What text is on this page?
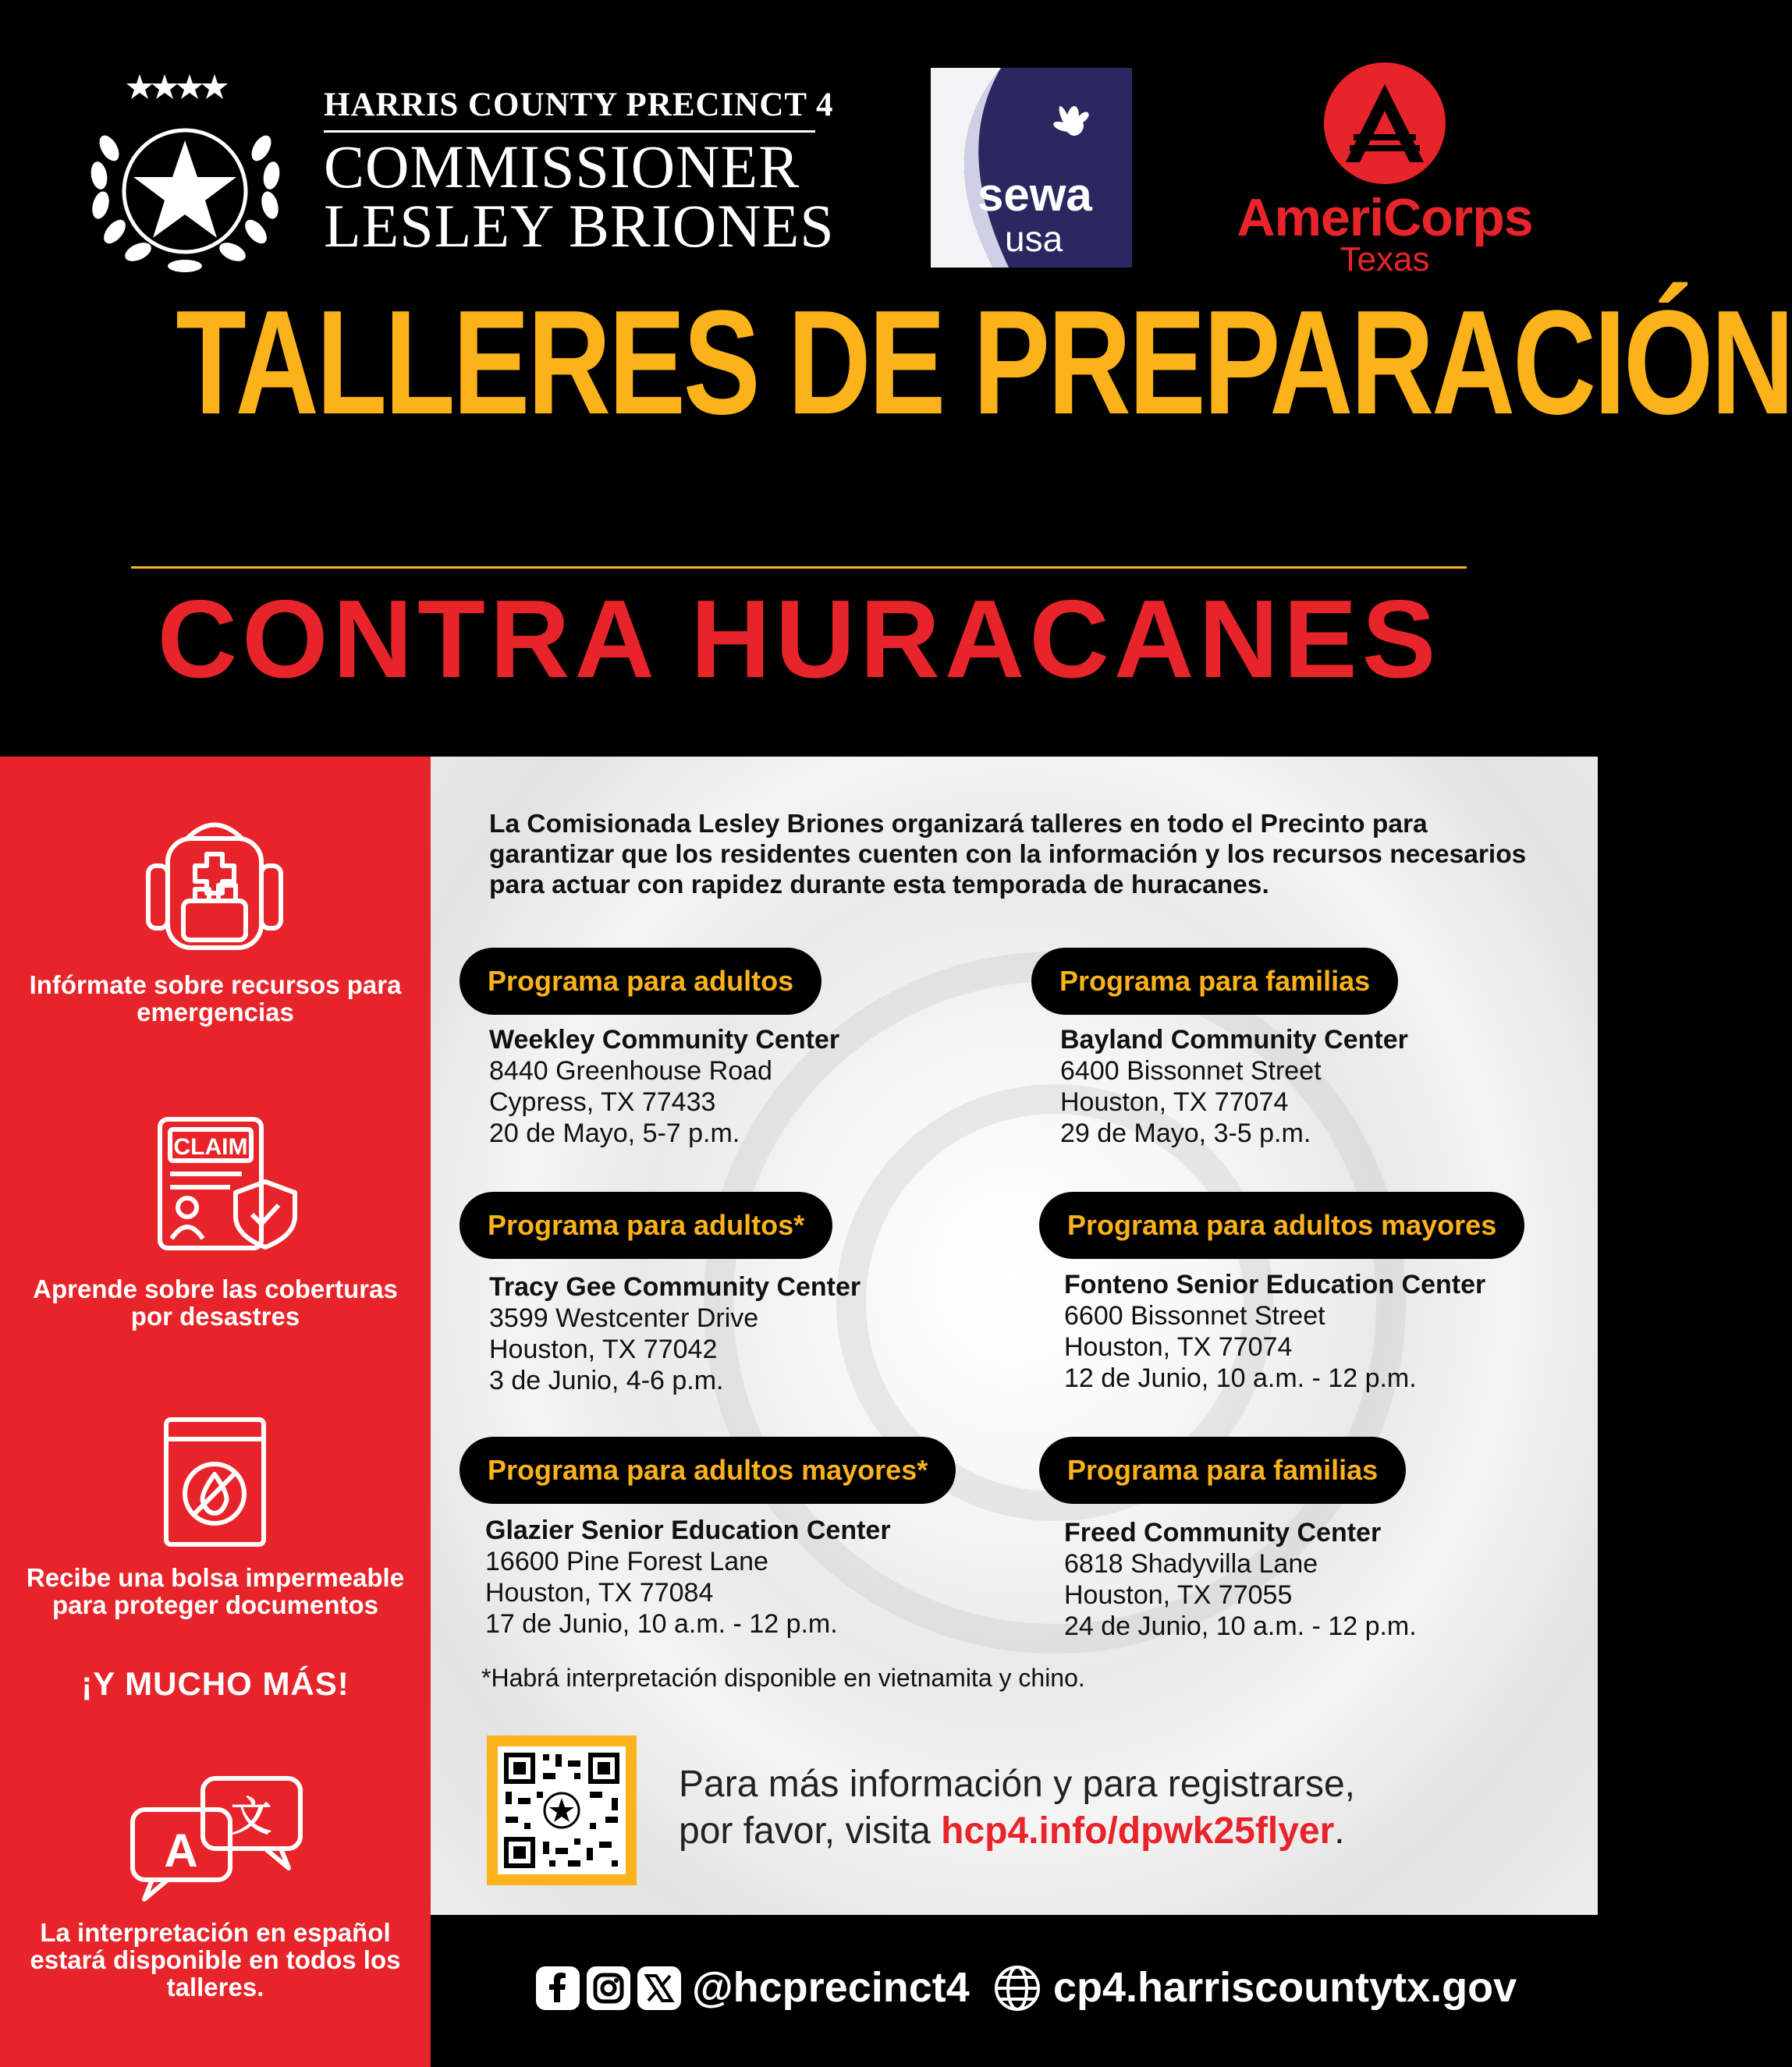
HARRIS COUNTY PRECINCT 4
COMMISSIONER
LESLEY BRIONES	sewa
usa	AmeriCorps
Texas
TALLERES DE PREPARACIÓN
CONTRA HURACANES
Infórmate sobre recursos para emergencias
CLAIM
Aprende sobre las coberturas por desastres
Recibe una bolsa impermeable para proteger documentos
¡Y MUCHO MÁS!
A
文
La interpretación en español estará disponible en todos los talleres.
La Comisionada Lesley Briones organizará talleres en todo el Precinto para garantizar que los residentes cuenten con la información y los recursos necesarios para actuar con rapidez durante esta temporada de huracanes.
Programa para adultos
Weekley Community Center
8440 Greenhouse Road
Cypress, TX 77433
20 de Mayo, 5-7 p.m.
Programa para familias
Bayland Community Center
6400 Bissonnet Street
Houston, TX 77074
29 de Mayo, 3-5 p.m.
Programa para adultos*
Tracy Gee Community Center
3599 Westcenter Drive
Houston, TX 77042
3 de Junio, 4-6 p.m.
Programa para adultos mayores
Fonteno Senior Education Center
6600 Bissonnet Street
Houston, TX 77074
12 de Junio, 10 a.m. - 12 p.m.
Programa para adultos mayores*
Glazier Senior Education Center
16600 Pine Forest Lane
Houston, TX 77084
17 de Junio, 10 a.m. - 12 p.m.
Programa para familias
Freed Community Center
6818 Shadyvilla Lane
Houston, TX 77055
24 de Junio, 10 a.m. - 12 p.m.
*Habrá interpretación disponible en vietnamita y chino.
Para más información y para registrarse,
por favor, visita hcp4.info/dpwk25flyer.
@hcprecinct4 cp4.harriscountytx.gov
